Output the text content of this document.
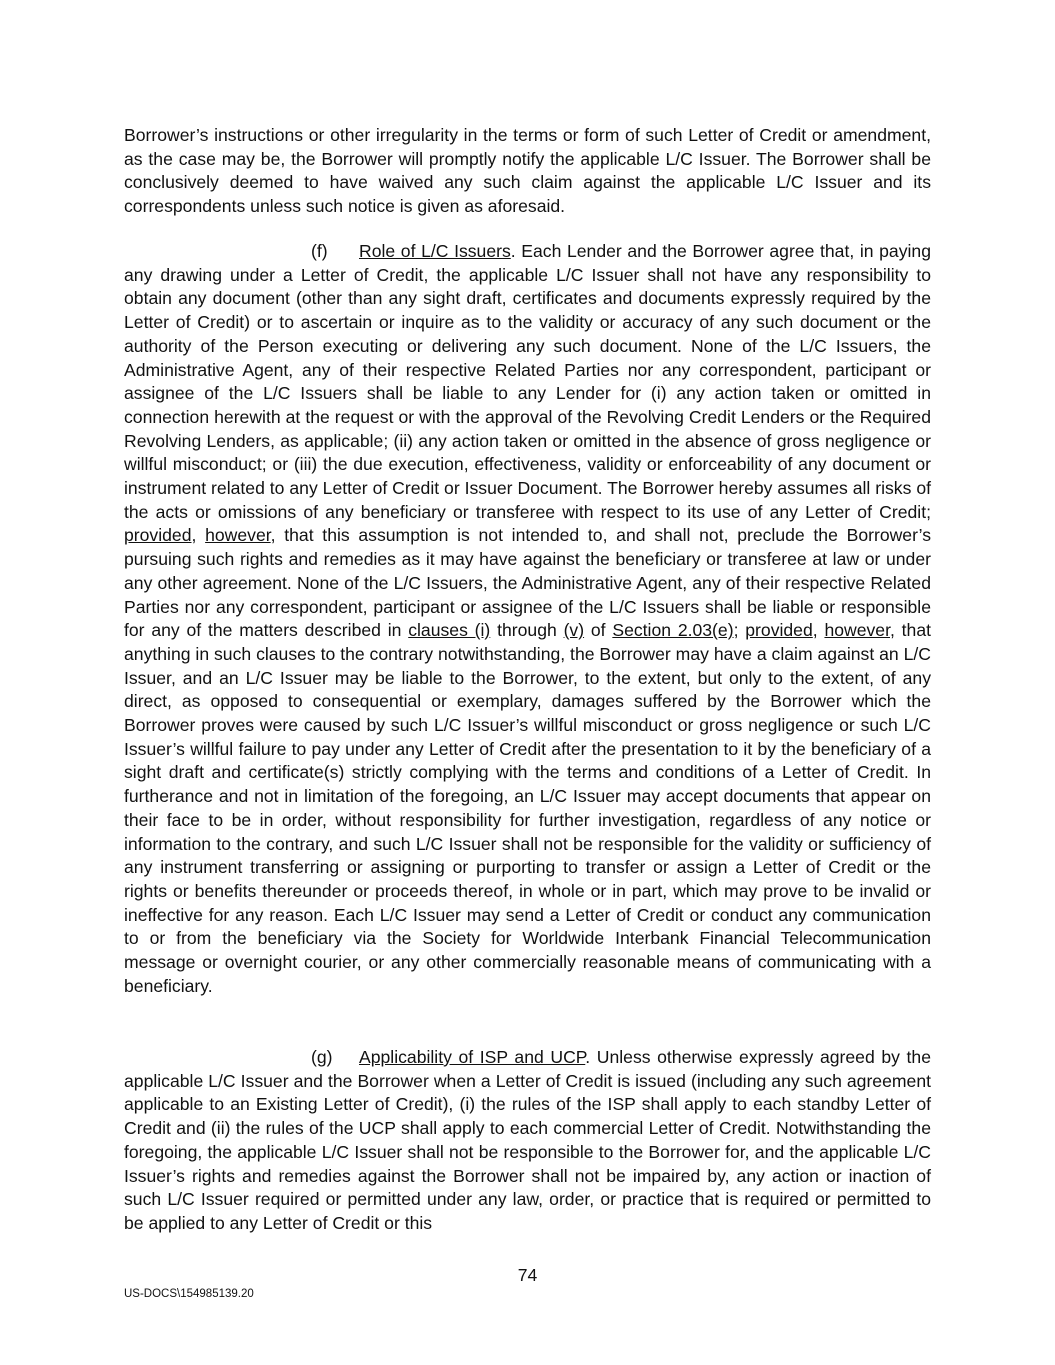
Borrower’s instructions or other irregularity in the terms or form of such Letter of Credit or amendment, as the case may be, the Borrower will promptly notify the applicable L/C Issuer. The Borrower shall be conclusively deemed to have waived any such claim against the applicable L/C Issuer and its correspondents unless such notice is given as aforesaid.

(f) Role of L/C Issuers. Each Lender and the Borrower agree that, in paying any drawing under a Letter of Credit, the applicable L/C Issuer shall not have any responsibility to obtain any document (other than any sight draft, certificates and documents expressly required by the Letter of Credit) or to ascertain or inquire as to the validity or accuracy of any such document or the authority of the Person executing or delivering any such document. None of the L/C Issuers, the Administrative Agent, any of their respective Related Parties nor any correspondent, participant or assignee of the L/C Issuers shall be liable to any Lender for (i) any action taken or omitted in connection herewith at the request or with the approval of the Revolving Credit Lenders or the Required Revolving Lenders, as applicable; (ii) any action taken or omitted in the absence of gross negligence or willful misconduct; or (iii) the due execution, effectiveness, validity or enforceability of any document or instrument related to any Letter of Credit or Issuer Document. The Borrower hereby assumes all risks of the acts or omissions of any beneficiary or transferee with respect to its use of any Letter of Credit; provided, however, that this assumption is not intended to, and shall not, preclude the Borrower’s pursuing such rights and remedies as it may have against the beneficiary or transferee at law or under any other agreement. None of the L/C Issuers, the Administrative Agent, any of their respective Related Parties nor any correspondent, participant or assignee of the L/C Issuers shall be liable or responsible for any of the matters described in clauses (i) through (v) of Section 2.03(e); provided, however, that anything in such clauses to the contrary notwithstanding, the Borrower may have a claim against an L/C Issuer, and an L/C Issuer may be liable to the Borrower, to the extent, but only to the extent, of any direct, as opposed to consequential or exemplary, damages suffered by the Borrower which the Borrower proves were caused by such L/C Issuer’s willful misconduct or gross negligence or such L/C Issuer’s willful failure to pay under any Letter of Credit after the presentation to it by the beneficiary of a sight draft and certificate(s) strictly complying with the terms and conditions of a Letter of Credit. In furtherance and not in limitation of the foregoing, an L/C Issuer may accept documents that appear on their face to be in order, without responsibility for further investigation, regardless of any notice or information to the contrary, and such L/C Issuer shall not be responsible for the validity or sufficiency of any instrument transferring or assigning or purporting to transfer or assign a Letter of Credit or the rights or benefits thereunder or proceeds thereof, in whole or in part, which may prove to be invalid or ineffective for any reason. Each L/C Issuer may send a Letter of Credit or conduct any communication to or from the beneficiary via the Society for Worldwide Interbank Financial Telecommunication message or overnight courier, or any other commercially reasonable means of communicating with a beneficiary.

(g) Applicability of ISP and UCP. Unless otherwise expressly agreed by the applicable L/C Issuer and the Borrower when a Letter of Credit is issued (including any such agreement applicable to an Existing Letter of Credit), (i) the rules of the ISP shall apply to each standby Letter of Credit and (ii) the rules of the UCP shall apply to each commercial Letter of Credit. Notwithstanding the foregoing, the applicable L/C Issuer shall not be responsible to the Borrower for, and the applicable L/C Issuer’s rights and remedies against the Borrower shall not be impaired by, any action or inaction of such L/C Issuer required or permitted under any law, order, or practice that is required or permitted to be applied to any Letter of Credit or this

74
US-DOCS\154985139.20
